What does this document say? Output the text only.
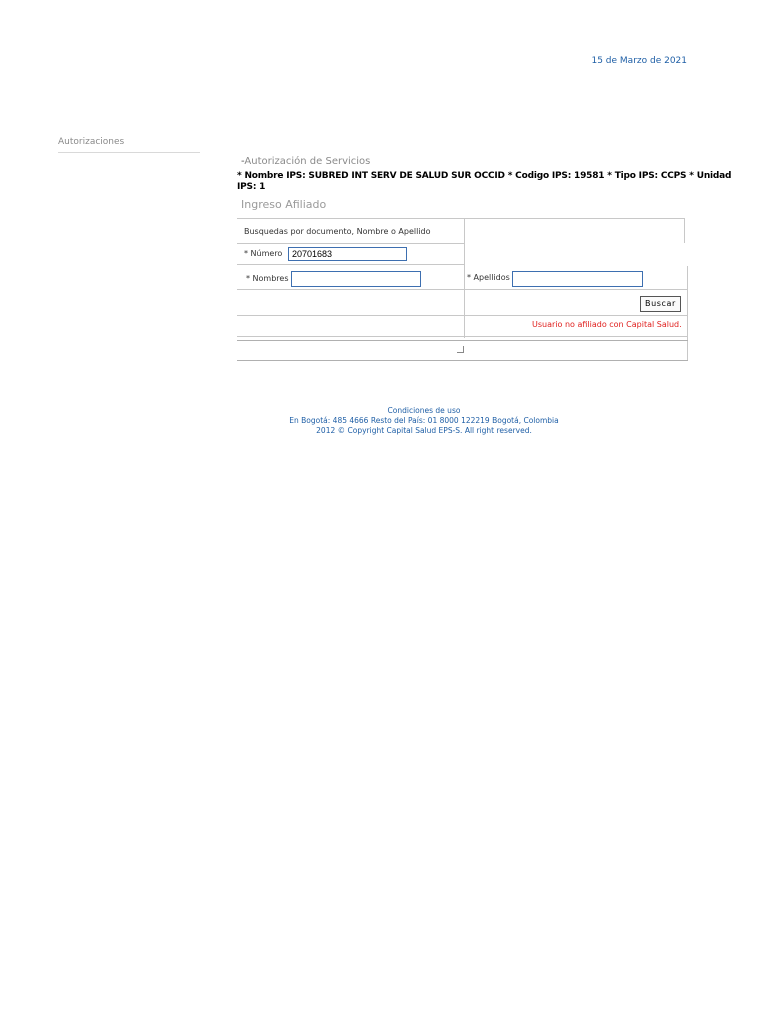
15 de Marzo de 2021
Autorizaciones
-Autorización de Servicios
* Nombre IPS: SUBRED INT SERV DE SALUD SUR OCCID * Codigo IPS: 19581 * Tipo IPS: CCPS * Unidad IPS: 1
Ingreso Afiliado
Busquedas por documento, Nombre o Apellido
* Número
20701683
* Nombres	* Apellidos
Buscar
Usuario no afiliado con Capital Salud.
Condiciones de uso
En Bogotá: 485 4666 Resto del País: 01 8000 122219 Bogotá, Colombia
2012 © Copyright Capital Salud EPS-S. All right reserved.
